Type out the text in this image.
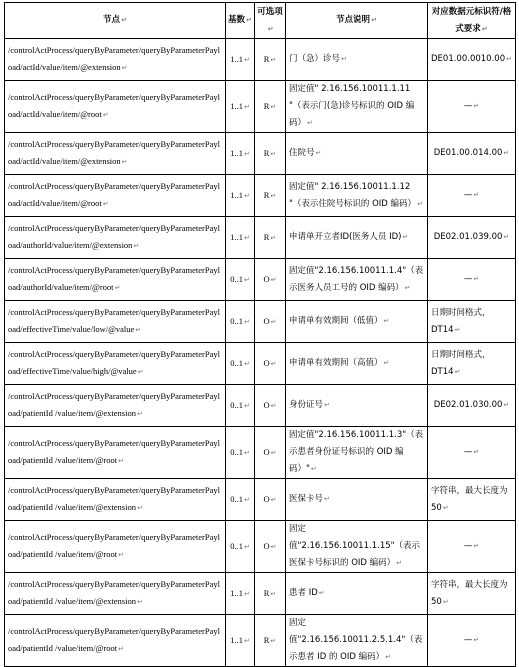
节点↵	基数↵	可选项↵	节点说明↵	对应数据元标识符/格式要求↵
/controlActProcess/queryByParameter/queryByParameterPayload/actId/value/item/@extension↵	1..1↵	R↵	门（急）诊号↵	DE01.00.0010.00↵
/controlActProcess/queryByParameter/queryByParameterPayload/actId/value/item/@root↵	1..1↵	R↵	固定值" 2.16.156.10011.1.11 "（表示门(急)诊号标识的 OID 编码）↵	—↵
/controlActProcess/queryByParameter/queryByParameterPayload/actId/value/item/@extension↵	1..1↵	R↵	住院号↵	DE01.00.014.00↵
/controlActProcess/queryByParameter/queryByParameterPayload/actId/value/item/@root↵	1..1↵	R↵	固定值" 2.16.156.10011.1.12 "（表示住院号标识的 OID 编码）↵	—↵
/controlActProcess/queryByParameter/queryByParameterPayload/authorId/value/item/@extension↵	1..1↵	R↵	申请单开立者ID(医务人员 ID)↵	DE02.01.039.00↵
/controlActProcess/queryByParameter/queryByParameterPayload/authorId/value/item/@root↵	0..1↵	O↵	固定值"2.16.156.10011.1.4"（表示医务人员工号的 OID 编码）↵	—↵
/controlActProcess/queryByParameter/queryByParameterPayload/effectiveTime/value/low/@value↵	0..1↵	O↵	申请单有效期间（低值）↵	日期时间格式，DT14↵
/controlActProcess/queryByParameter/queryByParameterPayload/effectiveTime/value/high/@value↵	0..1↵	O↵	申请单有效期间（高值）↵	日期时间格式，DT14↵
/controlActProcess/queryByParameter/queryByParameterPayload/patientId /value/item/@extension↵	0..1↵	O↵	身份证号↵	DE02.01.030.00↵
/controlActProcess/queryByParameter/queryByParameterPayload/patientId /value/item/@root↵	0..1↵	O↵	固定值"2.16.156.10011.1.3"（表示患者身份证号标识的 OID 编码）"↵	—↵
/controlActProcess/queryByParameter/queryByParameterPayload/patientId /value/item/@extension↵	0..1↵	O↵	医保卡号↵	字符串，最大长度为 50↵
/controlActProcess/queryByParameter/queryByParameterPayload/patientId /value/item/@root↵	0..1↵	O↵	固定值"2.16.156.10011.1.15"（表示医保卡号标识的 OID 编码）↵	—↵
/controlActProcess/queryByParameter/queryByParameterPayload/patientId /value/item/@extension↵	1..1↵	R↵	患者 ID↵	字符串，最大长度为 50↵
/controlActProcess/queryByParameter/queryByParameterPayload/patientId /value/item/@root↵	1..1↵	R↵	固定值"2.16.156.10011.2.5.1.4"（表示患者 ID 的 OID 编码）↵	—↵
